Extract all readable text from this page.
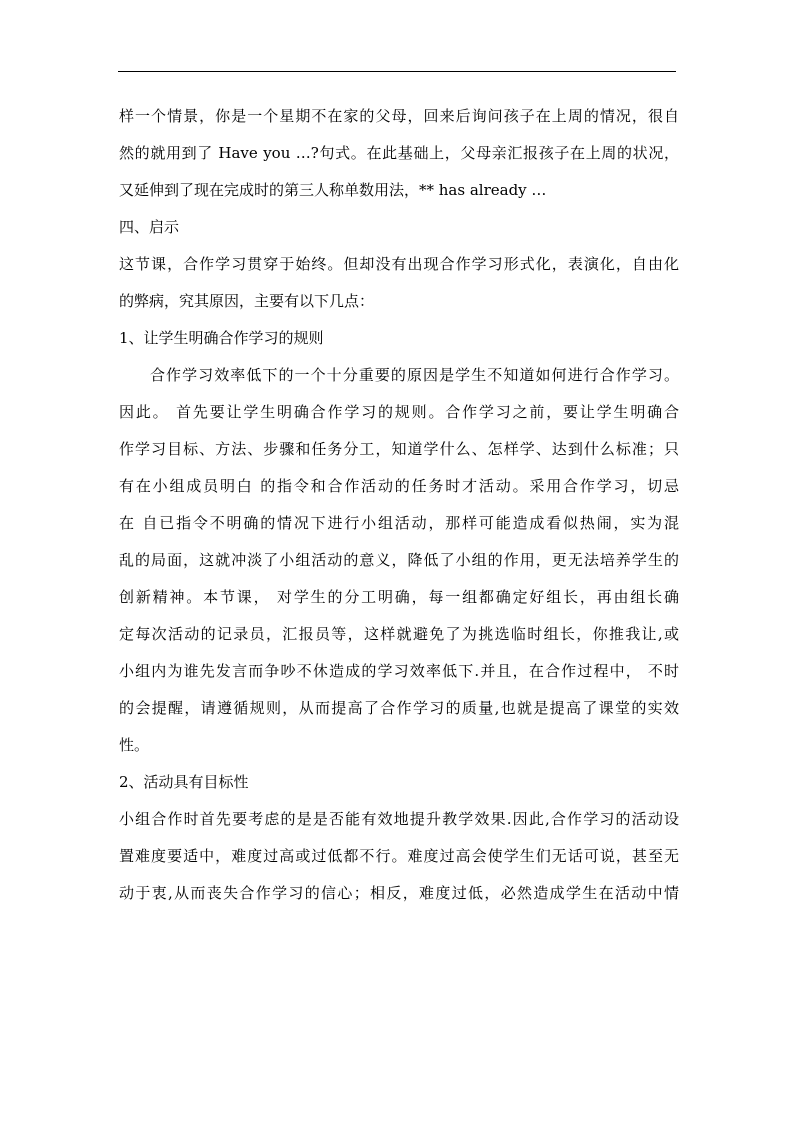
样一个情景，你是一个星期不在家的父母，回来后询问孩子在上周的情况，很自
然的就用到了 Have you …?句式。在此基础上，父母亲汇报孩子在上周的状况，
又延伸到了现在完成时的第三人称单数用法，** has already …
四、启示
这节课，合作学习贯穿于始终。但却没有出现合作学习形式化，表演化，自由化
的弊病，究其原因，主要有以下几点：
1、让学生明确合作学习的规则
合作学习效率低下的一个十分重要的原因是学生不知道如何进行合作学习。
因此。 首先要让学生明确合作学习的规则。合作学习之前，要让学生明确合
作学习目标、方法、步骤和任务分工，知道学什么、怎样学、达到什么标准；只
有在小组成员明白 的指令和合作活动的任务时才活动。采用合作学习，切忌
在 自已指令不明确的情况下进行小组活动，那样可能造成看似热闹，实为混
乱的局面，这就冲淡了小组活动的意义，降低了小组的作用，更无法培养学生的
创新精神。本节课， 对学生的分工明确，每一组都确定好组长，再由组长确
定每次活动的记录员，汇报员等，这样就避免了为挑选临时组长，你推我让,或
小组内为谁先发言而争吵不休造成的学习效率低下.并且，在合作过程中， 不时
的会提醒，请遵循规则，从而提高了合作学习的质量,也就是提高了课堂的实效
性。
2、活动具有目标性
小组合作时首先要考虑的是是否能有效地提升教学效果.因此,合作学习的活动设
置难度要适中，难度过高或过低都不行。难度过高会使学生们无话可说，甚至无
动于衷,从而丧失合作学习的信心；相反，难度过低，必然造成学生在活动中情
